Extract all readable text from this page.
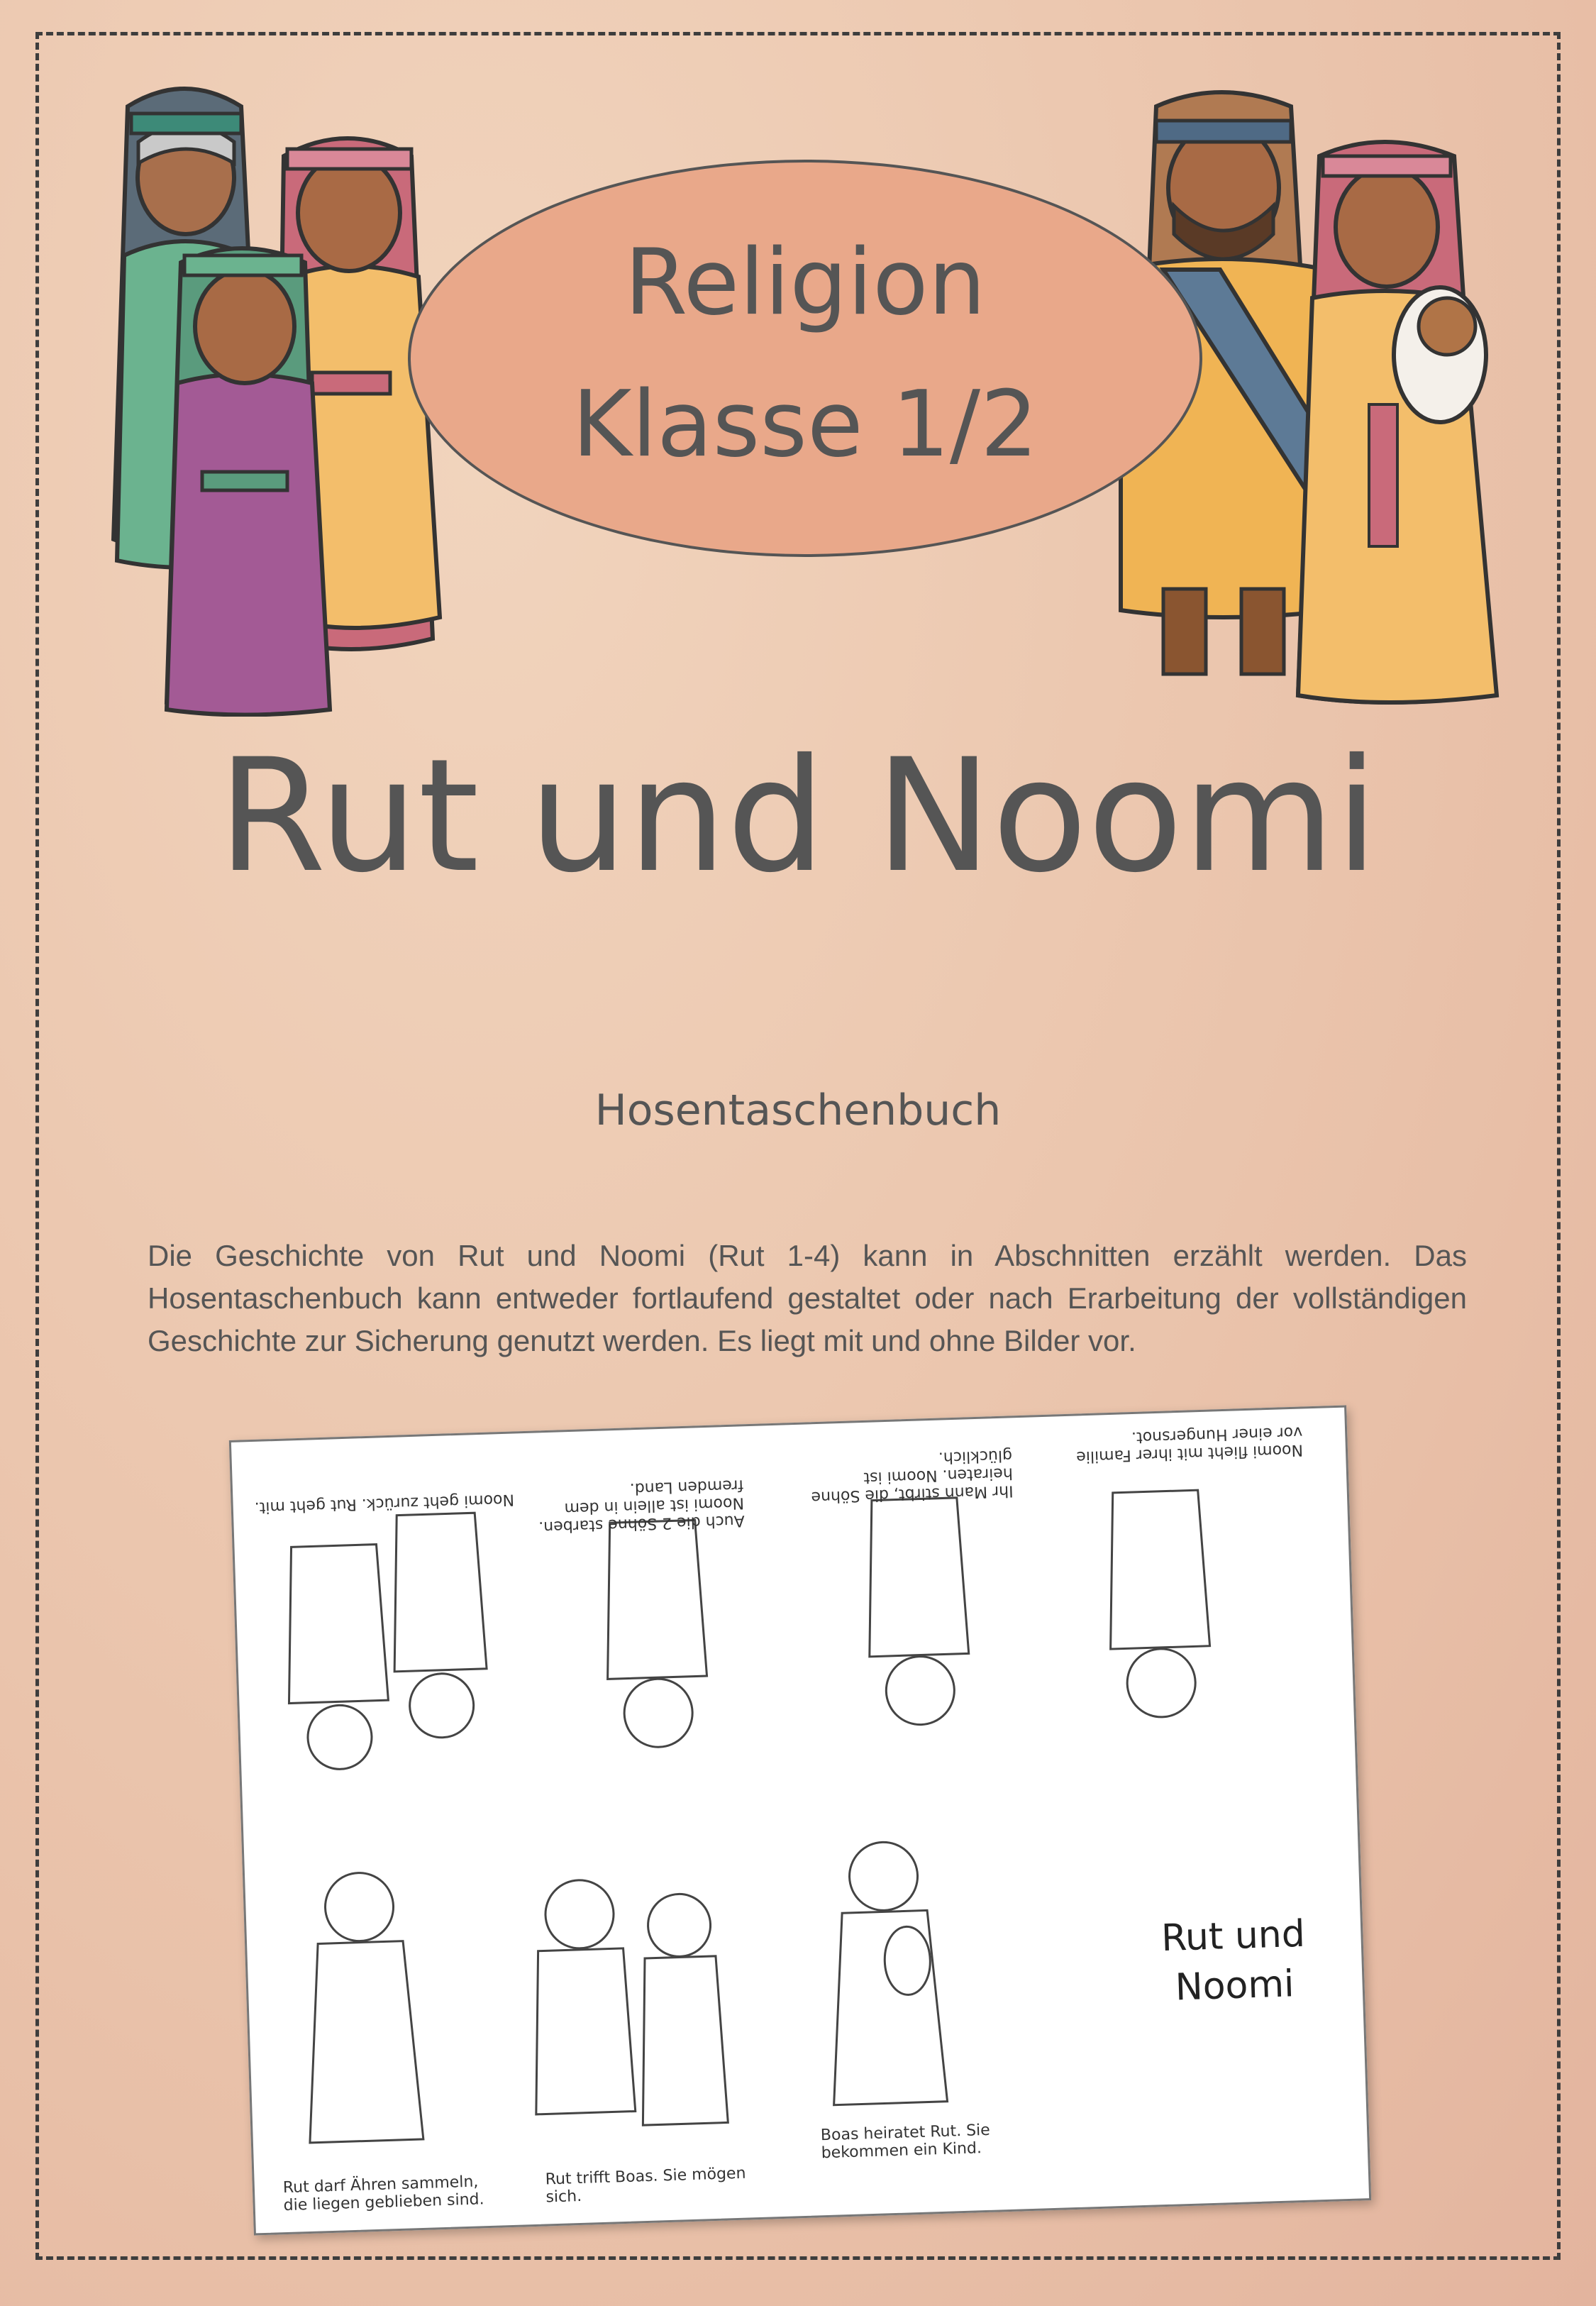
Religion
Klasse 1/2
Rut und Noomi
Hosentaschenbuch
Die Geschichte von Rut und Noomi (Rut 1-4) kann in Abschnitten erzählt werden. Das Hosentaschenbuch kann entweder fortlaufend gestaltet oder nach Erarbeitung der vollständigen Geschichte zur Sicherung genutzt werden. Es liegt mit und ohne Bilder vor.
Noomi geht zurück. Rut geht mit.
Auch die 2 Söhne starben. Noomi ist allein in dem fremden Land.	Ihr Mann stirbt, die Söhne heiraten. Noomi ist glücklich.	Noomi flieht mit ihrer Familie vor einer Hungersnot.
Rut darf Ähren sammeln, die liegen geblieben sind.
Rut trifft Boas. Sie mögen sich.
Boas heiratet Rut. Sie bekommen ein Kind.
Rut und
Noomi
